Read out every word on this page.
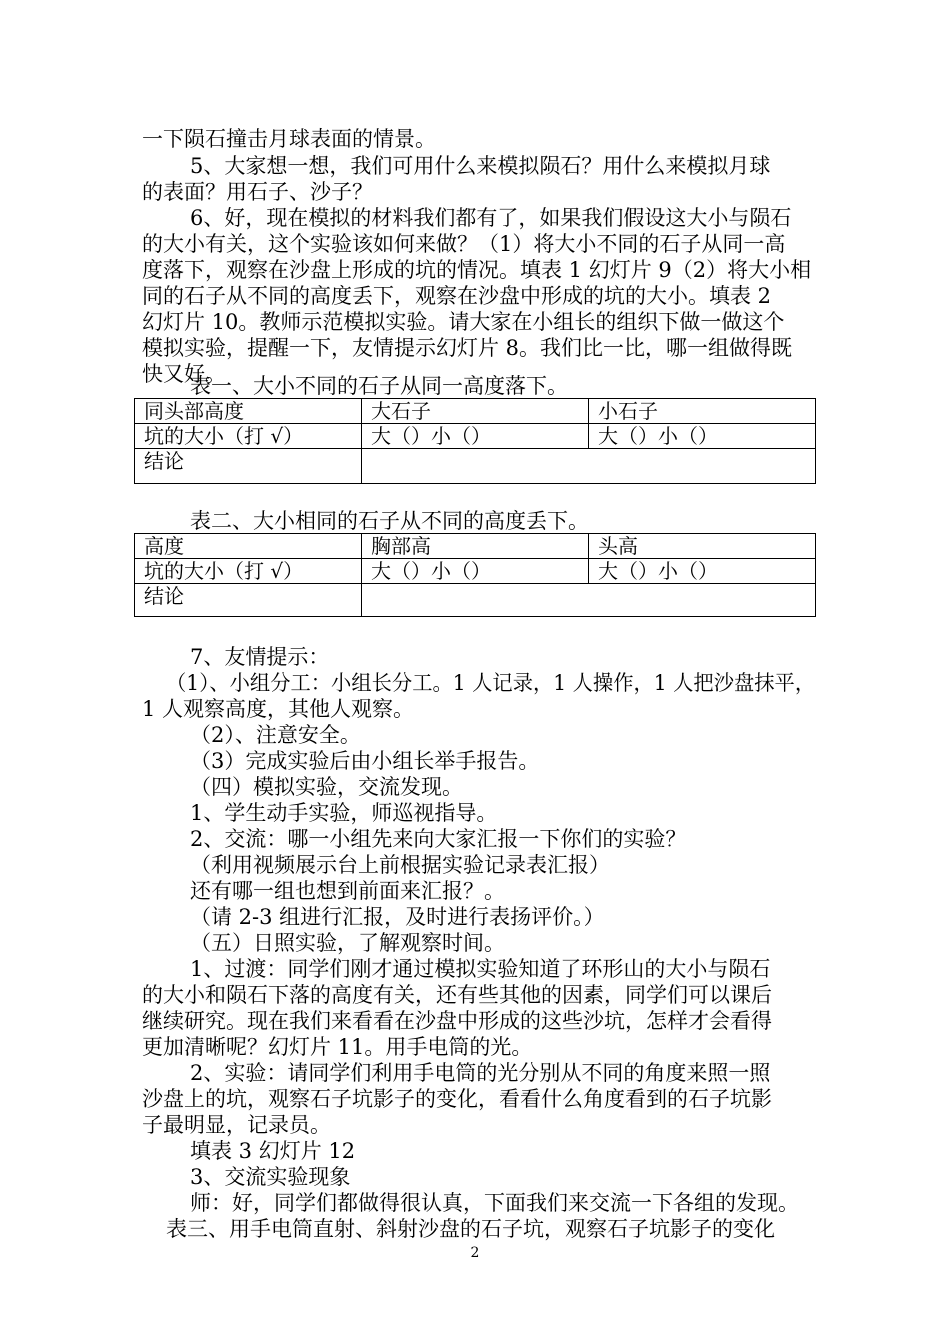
一下陨石撞击月球表面的情景。
5、大家想一想，我们可用什么来模拟陨石？用什么来模拟月球
的表面？用石子、沙子？
6、好，现在模拟的材料我们都有了，如果我们假设这大小与陨石
的大小有关，这个实验该如何来做？（1）将大小不同的石子从同一高
度落下，观察在沙盘上形成的坑的情况。填表 1 幻灯片 9（2）将大小相
同的石子从不同的高度丢下，观察在沙盘中形成的坑的大小。填表 2
幻灯片 10。教师示范模拟实验。请大家在小组长的组织下做一做这个
模拟实验，提醒一下，友情提示幻灯片 8。我们比一比，哪一组做得既
快又好。
表一、大小不同的石子从同一高度落下。
同头部高度	大石子	小石子
坑的大小（打 √）	大（）小（）	大（）小（）
结论		
表二、大小相同的石子从不同的高度丢下。
高度	胸部高	头高
坑的大小（打 √）	大（）小（）	大（）小（）
结论		
7、友情提示：
（1）、小组分工：小组长分工。1 人记录，1 人操作，1 人把沙盘抹平，
1 人观察高度，其他人观察。
（2）、注意安全。
（3）完成实验后由小组长举手报告。
（四）模拟实验，交流发现。
1、学生动手实验，师巡视指导。
2、交流：哪一小组先来向大家汇报一下你们的实验？
（利用视频展示台上前根据实验记录表汇报）
还有哪一组也想到前面来汇报？。
（请 2-3 组进行汇报，及时进行表扬评价。）
（五）日照实验，了解观察时间。
1、过渡：同学们刚才通过模拟实验知道了环形山的大小与陨石
的大小和陨石下落的高度有关，还有些其他的因素，同学们可以课后
继续研究。现在我们来看看在沙盘中形成的这些沙坑，怎样才会看得
更加清晰呢？幻灯片 11。用手电筒的光。
2、实验：请同学们利用手电筒的光分别从不同的角度来照一照
沙盘上的坑，观察石子坑影子的变化，看看什么角度看到的石子坑影
子最明显，记录员。
填表 3 幻灯片 12
3、交流实验现象
师：好，同学们都做得很认真，下面我们来交流一下各组的发现。
表三、用手电筒直射、斜射沙盘的石子坑，观察石子坑影子的变化
2
